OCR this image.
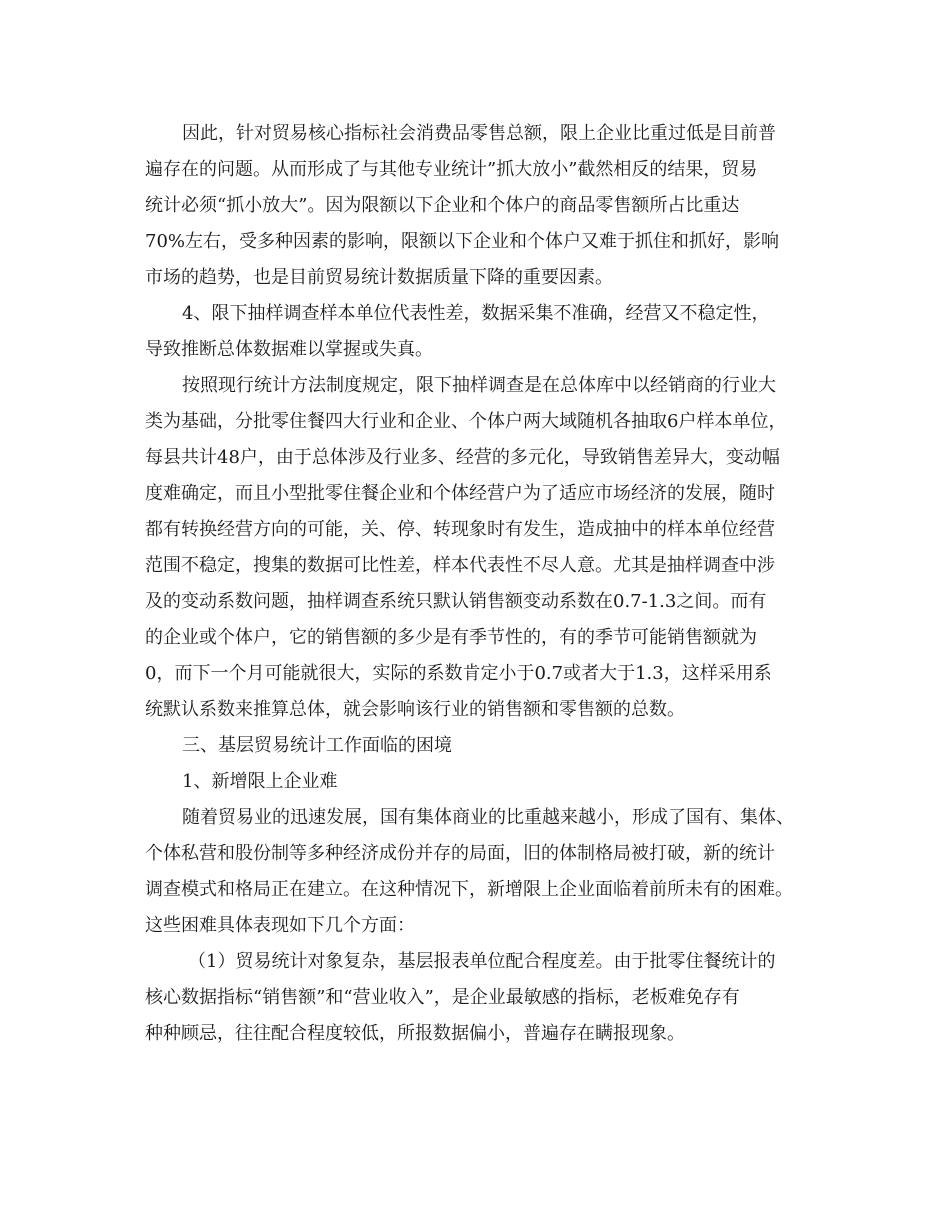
因此，针对贸易核心指标社会消费品零售总额，限上企业比重过低是目前普
遍存在的问题。从而形成了与其他专业统计”抓大放小”截然相反的结果，贸易
统计必须“抓小放大”。因为限额以下企业和个体户的商品零售额所占比重达
70%左右，受多种因素的影响，限额以下企业和个体户又难于抓住和抓好，影响
市场的趋势，也是目前贸易统计数据质量下降的重要因素。
4、限下抽样调查样本单位代表性差，数据采集不准确，经营又不稳定性，
导致推断总体数据难以掌握或失真。
按照现行统计方法制度规定，限下抽样调查是在总体库中以经销商的行业大
类为基础，分批零住餐四大行业和企业、个体户两大域随机各抽取6户样本单位，
每县共计48户，由于总体涉及行业多、经营的多元化，导致销售差异大，变动幅
度难确定，而且小型批零住餐企业和个体经营户为了适应市场经济的发展，随时
都有转换经营方向的可能，关、停、转现象时有发生，造成抽中的样本单位经营
范围不稳定，搜集的数据可比性差，样本代表性不尽人意。尤其是抽样调查中涉
及的变动系数问题，抽样调查系统只默认销售额变动系数在0.7-1.3之间。而有
的企业或个体户，它的销售额的多少是有季节性的，有的季节可能销售额就为
0，而下一个月可能就很大，实际的系数肯定小于0.7或者大于1.3，这样采用系
统默认系数来推算总体，就会影响该行业的销售额和零售额的总数。
三、基层贸易统计工作面临的困境
1、新增限上企业难
随着贸易业的迅速发展，国有集体商业的比重越来越小，形成了国有、集体、
个体私营和股份制等多种经济成份并存的局面，旧的体制格局被打破，新的统计
调查模式和格局正在建立。在这种情况下，新增限上企业面临着前所未有的困难。
这些困难具体表现如下几个方面：
（1）贸易统计对象复杂，基层报表单位配合程度差。由于批零住餐统计的
核心数据指标“销售额”和“营业收入”，是企业最敏感的指标，老板难免存有
种种顾忌，往往配合程度较低，所报数据偏小，普遍存在瞒报现象。
